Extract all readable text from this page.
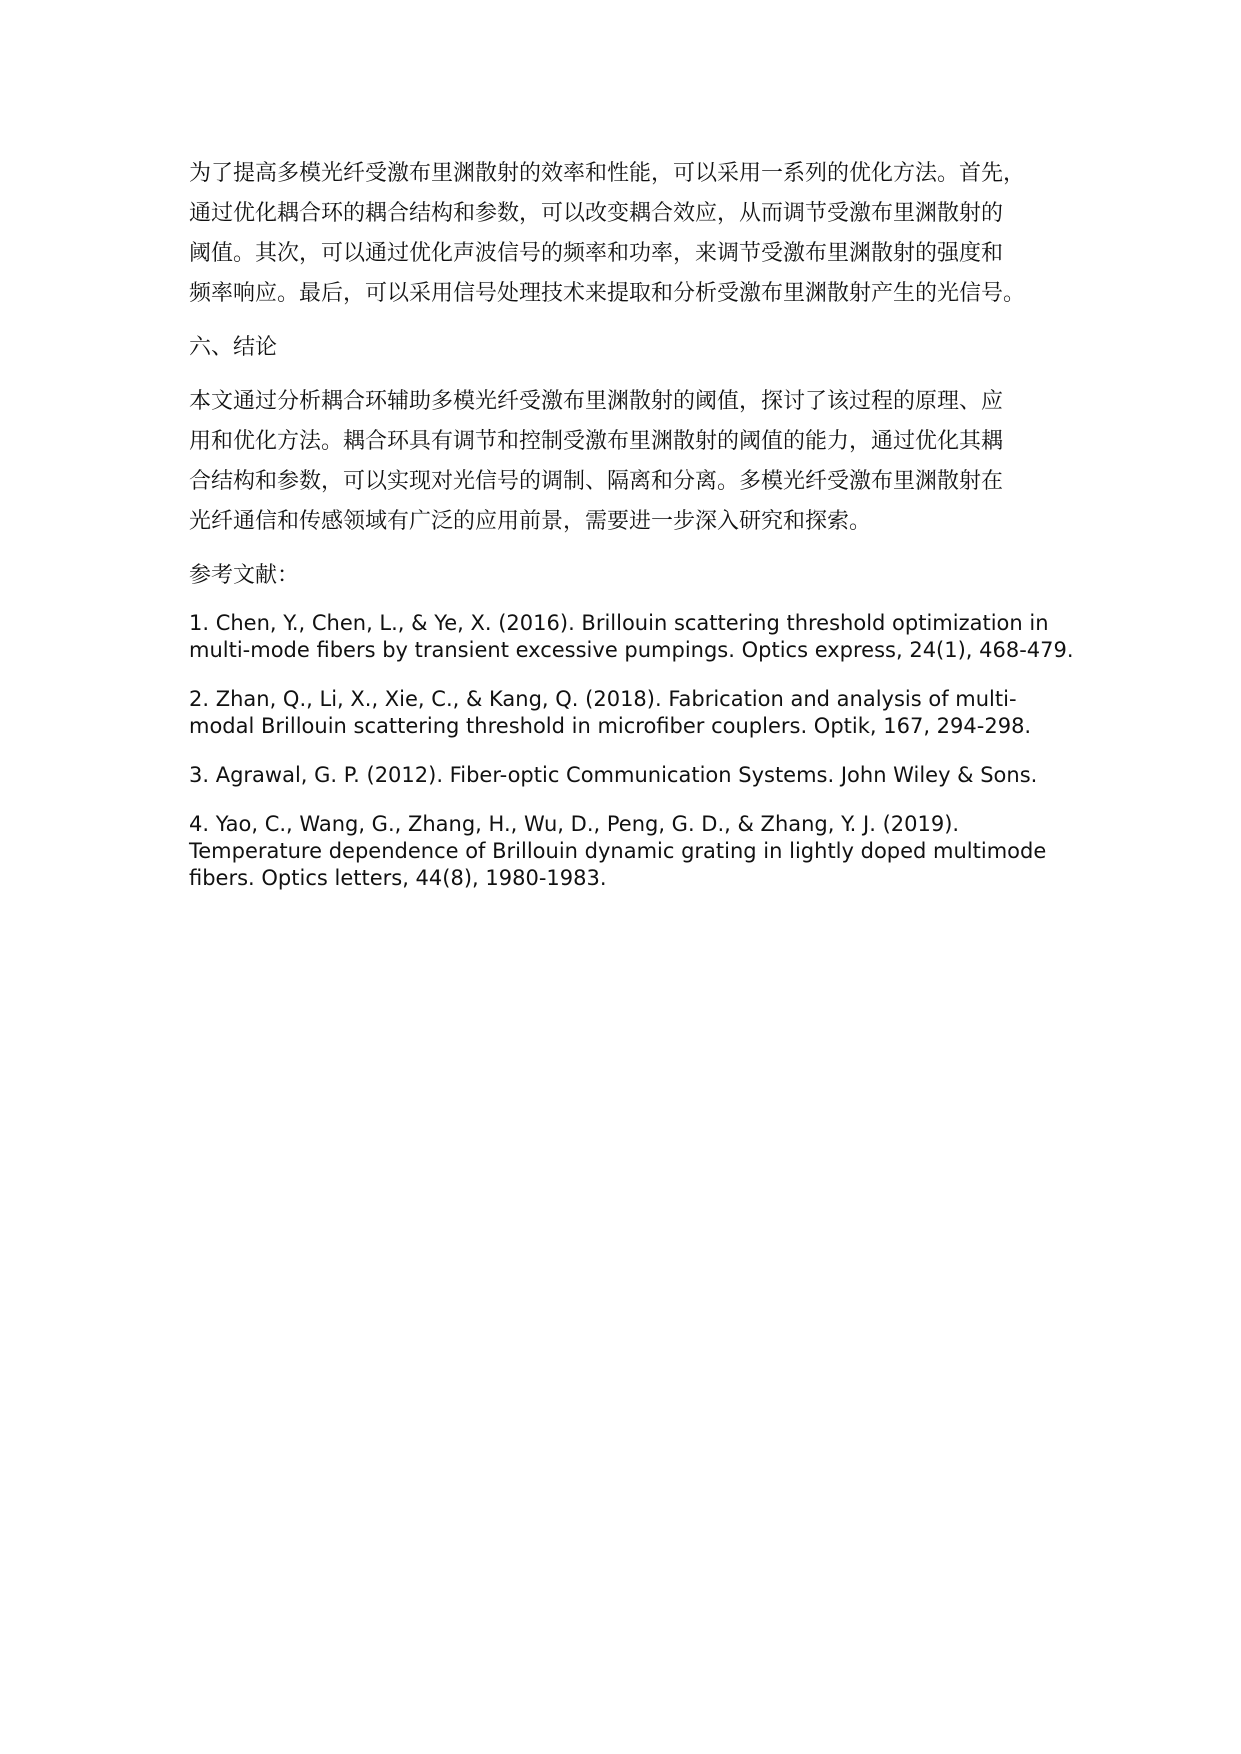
为了提高多模光纤受激布里渊散射的效率和性能，可以采用一系列的优化方法。首先，
通过优化耦合环的耦合结构和参数，可以改变耦合效应，从而调节受激布里渊散射的
阈值。其次，可以通过优化声波信号的频率和功率，来调节受激布里渊散射的强度和
频率响应。最后，可以采用信号处理技术来提取和分析受激布里渊散射产生的光信号。

六、结论

本文通过分析耦合环辅助多模光纤受激布里渊散射的阈值，探讨了该过程的原理、应
用和优化方法。耦合环具有调节和控制受激布里渊散射的阈值的能力，通过优化其耦
合结构和参数，可以实现对光信号的调制、隔离和分离。多模光纤受激布里渊散射在
光纤通信和传感领域有广泛的应用前景，需要进一步深入研究和探索。

参考文献：
1. Chen, Y., Chen, L., & Ye, X. (2016). Brillouin scattering threshold optimization in
multi-mode fibers by transient excessive pumpings. Optics express, 24(1), 468-479.
2. Zhan, Q., Li, X., Xie, C., & Kang, Q. (2018). Fabrication and analysis of multi-
modal Brillouin scattering threshold in microfiber couplers. Optik, 167, 294-298.
3. Agrawal, G. P. (2012). Fiber-optic Communication Systems. John Wiley & Sons.
4. Yao, C., Wang, G., Zhang, H., Wu, D., Peng, G. D., & Zhang, Y. J. (2019).
Temperature dependence of Brillouin dynamic grating in lightly doped multimode
fibers. Optics letters, 44(8), 1980-1983.
